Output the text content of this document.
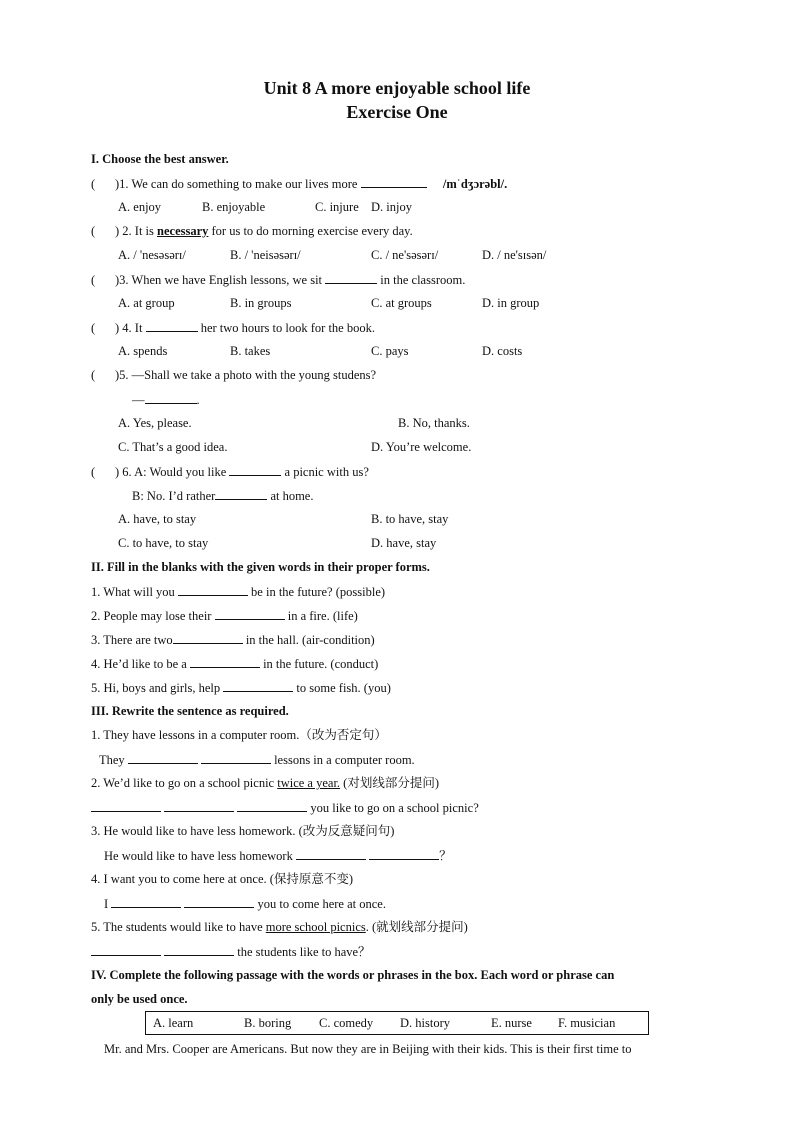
Unit 8 A more enjoyable school life
Exercise One
I. Choose the best answer.
( )1. We can do something to make our lives more	/mˈdʒɔrəbl/.
A. enjoy	B. enjoyable	C. injure D. injoy
( ) 2. It is necessary for us to do morning exercise every day.
A. / 'nesəsərɪ/	B. / 'neisəsərɪ/	C. / ne'səsərɪ/	D. / ne'sɪsən/
( )3. When we have English lessons, we sit	in the classroom.
A. at group	B. in groups	C. at groups	D. in group
( ) 4. It	her two hours to look for the book.
A. spends	B. takes	C. pays	D. costs
( )5. —Shall we take a photo with the young studens?
—	.
A. Yes, please.	B. No, thanks.
C. That’s a good idea.	D. You’re welcome.
( ) 6. A: Would you like	a picnic with us?
B: No. I’d rather	at home.
A. have, to stay	B. to have, stay
C. to have, to stay	D. have, stay
II. Fill in the blanks with the given words in their proper forms.
1. What will you	be in the future? (possible)
2. People may lose their	in a fire. (life)
3. There are two	in the hall. (air-condition)
4. He’d like to be a	in the future. (conduct)
5. Hi, boys and girls, help	to some fish. (you)
III. Rewrite the sentence as required.
1. They have lessons in a computer room.（改为否定句）
They	lessons in a computer room.
2. We’d like to go on a school picnic twice a year. (对划线部分提问)
you like to go on a school picnic?
3. He would like to have less homework. (改为反意疑问句)
He would like to have less homework	？
4. I want you to come here at once. (保持原意不变)
I	you to come here at once.
5. The students would like to have more school picnics. (就划线部分提问)
the students like to have？
IV. Complete the following passage with the words or phrases in the box. Each word or phrase can
only be used once.
A. learn	B. boring C. comedy D. history	E. nurse F. musician
Mr. and Mrs. Cooper are Americans. But now they are in Beijing with their kids. This is their first time to
